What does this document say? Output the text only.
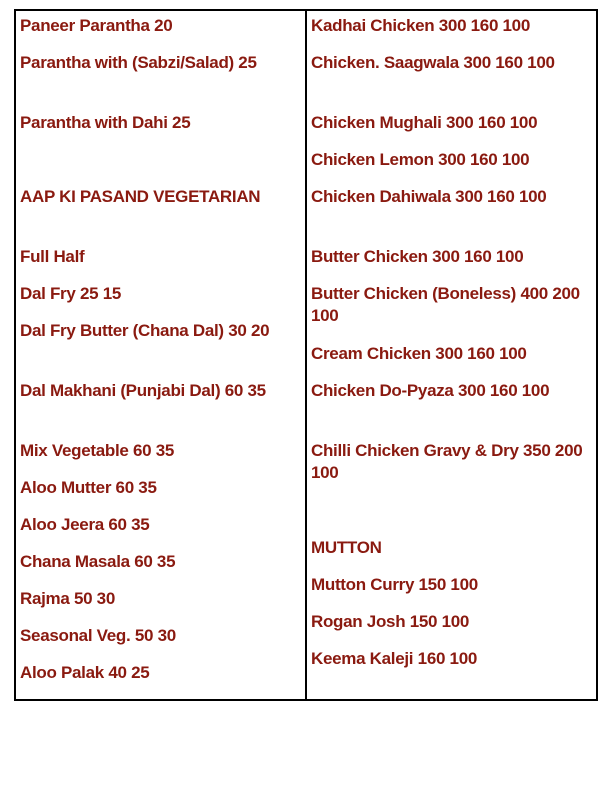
Paneer Parantha 20

Parantha with (Sabzi/Salad) 25

Parantha with Dahi 25

AAP KI PASAND VEGETARIAN

Full Half

Dal Fry 25 15

Dal Fry Butter (Chana Dal) 30 20

Dal Makhani (Punjabi Dal) 60 35

Mix Vegetable 60 35

Aloo Mutter 60 35

Aloo Jeera 60 35

Chana Masala 60 35

Rajma 50 30

Seasonal Veg. 50 30

Aloo Palak 40 25

Kadhai Chicken 300 160 100

Chicken. Saagwala 300 160 100

Chicken Mughali 300 160 100

Chicken Lemon 300 160 100

Chicken Dahiwala 300 160 100

Butter Chicken 300 160 100

Butter Chicken (Boneless) 400 200 100

Cream Chicken 300 160 100

Chicken Do-Pyaza 300 160 100

Chilli Chicken Gravy & Dry 350 200 100

MUTTON

Mutton Curry 150 100

Rogan Josh 150 100

Keema Kaleji 160 100
